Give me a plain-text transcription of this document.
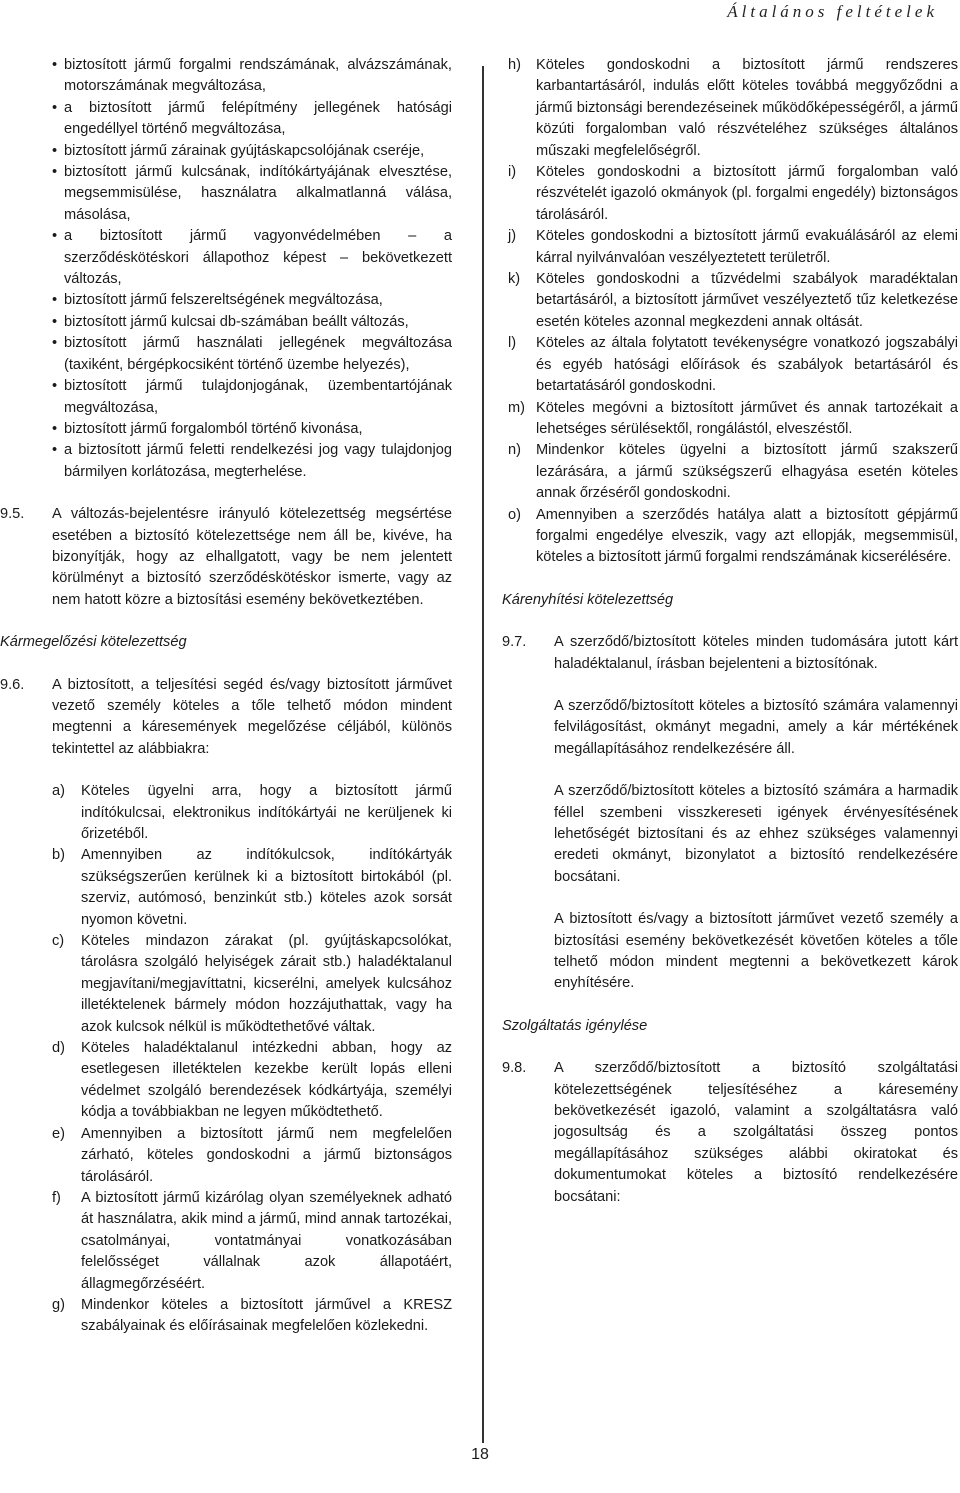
Általános feltételek
• biztosított jármű forgalmi rendszámának, alvázszámának, motorszámának megváltozása,
• a biztosított jármű felépítmény jellegének hatósági engedéllyel történő megváltozása,
• biztosított jármű zárainak gyújtáskapcsolójának cseréje,
• biztosított jármű kulcsának, indítókártyájának elvesztése, megsemmisülése, használatra alkalmatlanná válása, másolása,
• a biztosított jármű vagyonvédelmében – a szerződéskötéskori állapothoz képest – bekövetkezett változás,
• biztosított jármű felszereltségének megváltozása,
• biztosított jármű kulcsai db-számában beállt változás,
• biztosított jármű használati jellegének megváltozása (taxiként, bérgépkocsiként történő üzembe helyezés),
• biztosított jármű tulajdonjogának, üzembentartójának megváltozása,
• biztosított jármű forgalomból történő kivonása,
• a biztosított jármű feletti rendelkezési jog vagy tulajdonjog bármilyen korlátozása, megterhelése.
9.5.	A változás-bejelentésre irányuló kötelezettség megsértése esetében a biztosító kötelezettsége nem áll be, kivéve, ha bizonyítják, hogy az elhallgatott, vagy be nem jelentett körülményt a biztosító szerződéskötéskor ismerte, vagy az nem hatott közre a biztosítási esemény bekövetkeztében.

Kármegelőzési kötelezettség

9.6.	A biztosított, a teljesítési segéd és/vagy biztosított járművet vezető személy köteles a tőle telhető módon mindent megtenni a káresemények megelőzése céljából, különös tekintettel az alábbiakra:
a)	Köteles ügyelni arra, hogy a biztosított jármű indítókulcsai, elektronikus indítókártyái ne kerüljenek ki őrizetéből.
b)	Amennyiben az indítókulcsok, indítókártyák szükségszerűen kerülnek ki a biztosított birtokából (pl. szerviz, autómosó, benzinkút stb.) köteles azok sorsát nyomon követni.
c)	Köteles mindazon zárakat (pl. gyújtáskapcsolókat, tárolásra szolgáló helyiségek zárait stb.) haladéktalanul megjavítani/megjavíttatni, kicserélni, amelyek kulcsához illetéktelenek bármely módon hozzájuthattak, vagy ha azok kulcsok nélkül is működtethetővé váltak.
d)	Köteles haladéktalanul intézkedni abban, hogy az esetlegesen illetéktelen kezekbe került lopás elleni védelmet szolgáló berendezések kódkártyája, személyi kódja a továbbiakban ne legyen működtethető.
e)	Amennyiben a biztosított jármű nem megfelelően zárható, köteles gondoskodni a jármű biztonságos tárolásáról.
f)	A biztosított jármű kizárólag olyan személyeknek adható át használatra, akik mind a jármű, mind annak tartozékai, csatolmányai, vontatmányai vonatkozásában felelősséget vállalnak azok állapotáért, állagmegőrzéséért.
g)	Mindenkor köteles a biztosított járművel a KRESZ szabályainak és előírásainak megfelelően közlekedni.
h)	Köteles gondoskodni a biztosított jármű rendszeres karbantartásáról, indulás előtt köteles továbbá meggyőződni a jármű biztonsági berendezéseinek működőképességéről, a jármű közúti forgalomban való részvételéhez szükséges általános műszaki megfelelőségről.
i)	Köteles gondoskodni a biztosított jármű forgalomban való részvételét igazoló okmányok (pl. forgalmi engedély) biztonságos tárolásáról.
j)	Köteles gondoskodni a biztosított jármű evakuálásáról az elemi kárral nyilvánvalóan veszélyeztetett területről.
k)	Köteles gondoskodni a tűzvédelmi szabályok maradéktalan betartásáról, a biztosított járművet veszélyeztető tűz keletkezése esetén köteles azonnal megkezdeni annak oltását.
l)	Köteles az általa folytatott tevékenységre vonatkozó jogszabályi és egyéb hatósági előírások és szabályok betartásáról és betartatásáról gondoskodni.
m) Köteles megóvni a biztosított járművet és annak tartozékait a lehetséges sérülésektől, rongálástól, elveszéstől.
n)	Mindenkor köteles ügyelni a biztosított jármű szakszerű lezárására, a jármű szükségszerű elhagyása esetén köteles annak őrzéséről gondoskodni.
o)	Amennyiben a szerződés hatálya alatt a biztosított gépjármű forgalmi engedélye elveszik, vagy azt ellopják, megsemmisül, köteles a biztosított jármű forgalmi rendszámának kicserélésére.

Kárenyhítési kötelezettség

9.7.	A szerződő/biztosított köteles minden tudomására jutott kárt haladéktalanul, írásban bejelenteni a biztosítónak.

A szerződő/biztosított köteles a biztosító számára valamennyi felvilágosítást, okmányt megadni, amely a kár mértékének megállapításához rendelkezésére áll.

A szerződő/biztosított köteles a biztosító számára a harmadik féllel szembeni visszkereseti igények érvényesítésének lehetőségét biztosítani és az ehhez szükséges valamennyi eredeti okmányt, bizonylatot a biztosító rendelkezésére bocsátani.

A biztosított és/vagy a biztosított járművet vezető személy a biztosítási esemény bekövetkezését követően köteles a tőle telhető módon mindent megtenni a bekövetkezett károk enyhítésére.

Szolgáltatás igénylése

9.8.	A szerződő/biztosított a biztosító szolgáltatási kötelezettségének teljesítéséhez a káresemény bekövetkezését igazoló, valamint a szolgáltatásra való jogosultság és a szolgáltatási összeg pontos megállapításához szükséges alábbi okiratokat és dokumentumokat köteles a biztosító rendelkezésére bocsátani:
18
